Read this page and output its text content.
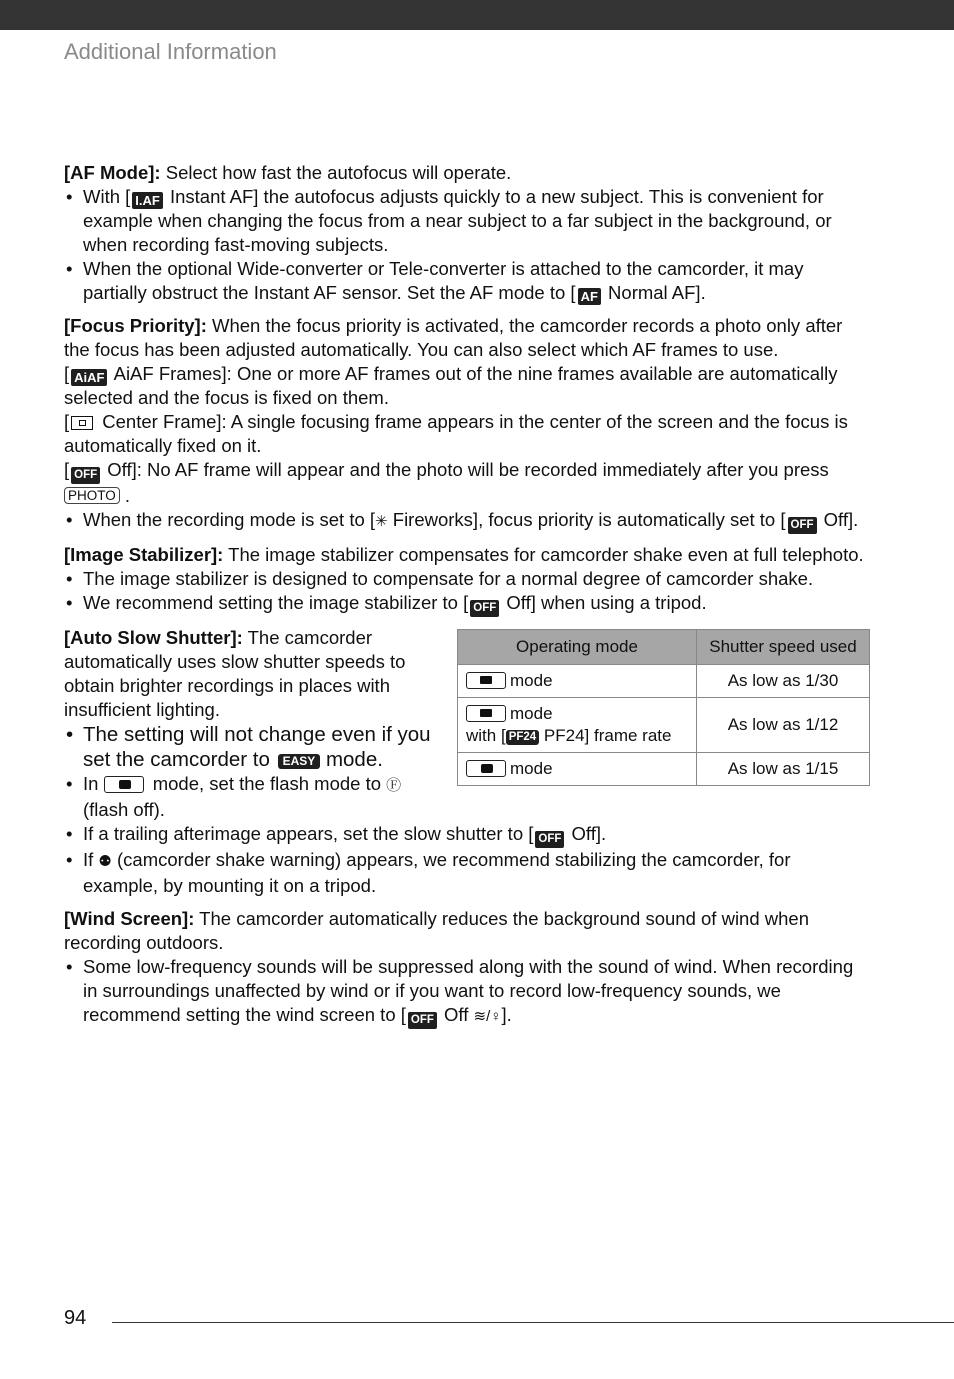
Additional Information

[AF Mode]: Select how fast the autofocus will operate.

• With [ I.AF Instant AF] the autofocus adjusts quickly to a new subject. This is convenient for example when changing the focus from a near subject to a far subject in the background, or when recording fast-moving subjects.
• When the optional Wide-converter or Tele-converter is attached to the camcorder, it may partially obstruct the Instant AF sensor. Set the AF mode to [ AF Normal AF].

[Focus Priority]: When the focus priority is activated, the camcorder records a photo only after the focus has been adjusted automatically. You can also select which AF frames to use.

[ AiAF AiAF Frames]: One or more AF frames out of the nine frames available are automatically selected and the focus is fixed on them.

[ Center Frame]: A single focusing frame appears in the center of the screen and the focus is automatically fixed on it.

[ OFF Off]: No AF frame will appear and the photo will be recorded immediately after you press PHOTO .

• When the recording mode is set to [✳ Fireworks], focus priority is automatically set to [ OFF Off].

[Image Stabilizer]: The image stabilizer compensates for camcorder shake even at full telephoto.

• The image stabilizer is designed to compensate for a normal degree of camcorder shake.
• We recommend setting the image stabilizer to [ OFF Off] when using a tripod.

[Auto Slow Shutter]: The camcorder automatically uses slow shutter speeds to obtain brighter recordings in places with insufficient lighting.

• The setting will not change even if you set the camcorder to EASY mode.
• In  mode, set the flash mode to Ⓕ (flash off).
• If a trailing afterimage appears, set the slow shutter to [ OFF Off].
• If ⚉ (camcorder shake warning) appears, we recommend stabilizing the camcorder, for example, by mounting it on a tripod.
Operating mode	Shutter speed used
mode	As low as 1/30
mode
with [ PF24 PF24] frame rate	As low as 1/12
mode	As low as 1/15

[Wind Screen]: The camcorder automatically reduces the background sound of wind when recording outdoors.

• Some low-frequency sounds will be suppressed along with the sound of wind. When recording in surroundings unaffected by wind or if you want to record low-frequency sounds, we recommend setting the wind screen to [ OFF Off ≋/♀].
94
